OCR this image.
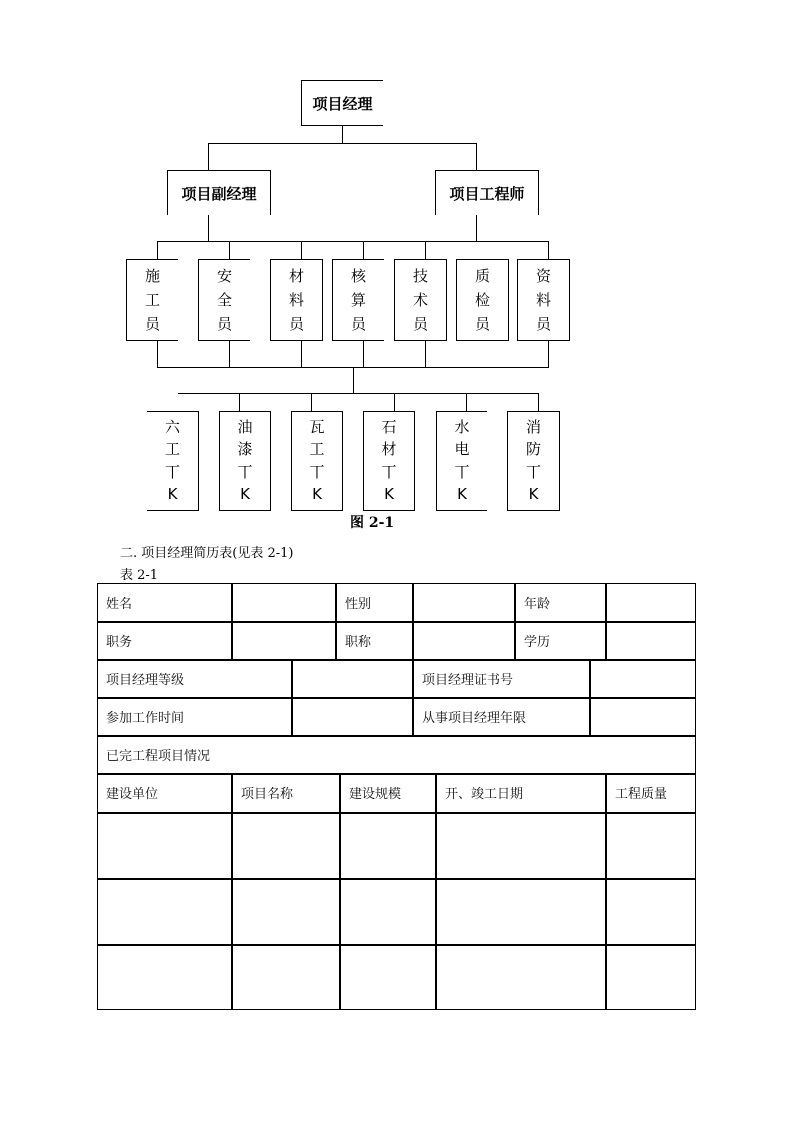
项目经理
项目副经理	项目工程师
施
工
员
安
全
员
材
料
员
核
算
员
技
术
员
质
检
员
资
料
员
六
工
丅
K
油
漆
丅
K
瓦
工
丅
K
石
材
丅
K
水
电
丅
K
消
防
丅
K
图 2-1
二. 项目经理简历表(见表 2-1)
表 2-1
姓名	性别	年龄
职务	职称	学历
项目经理等级	项目经理证书号
参加工作时间	从事项目经理年限
已完工程项目情况
建设单位	项目名称	建设规模	开、竣工日期	工程质量
